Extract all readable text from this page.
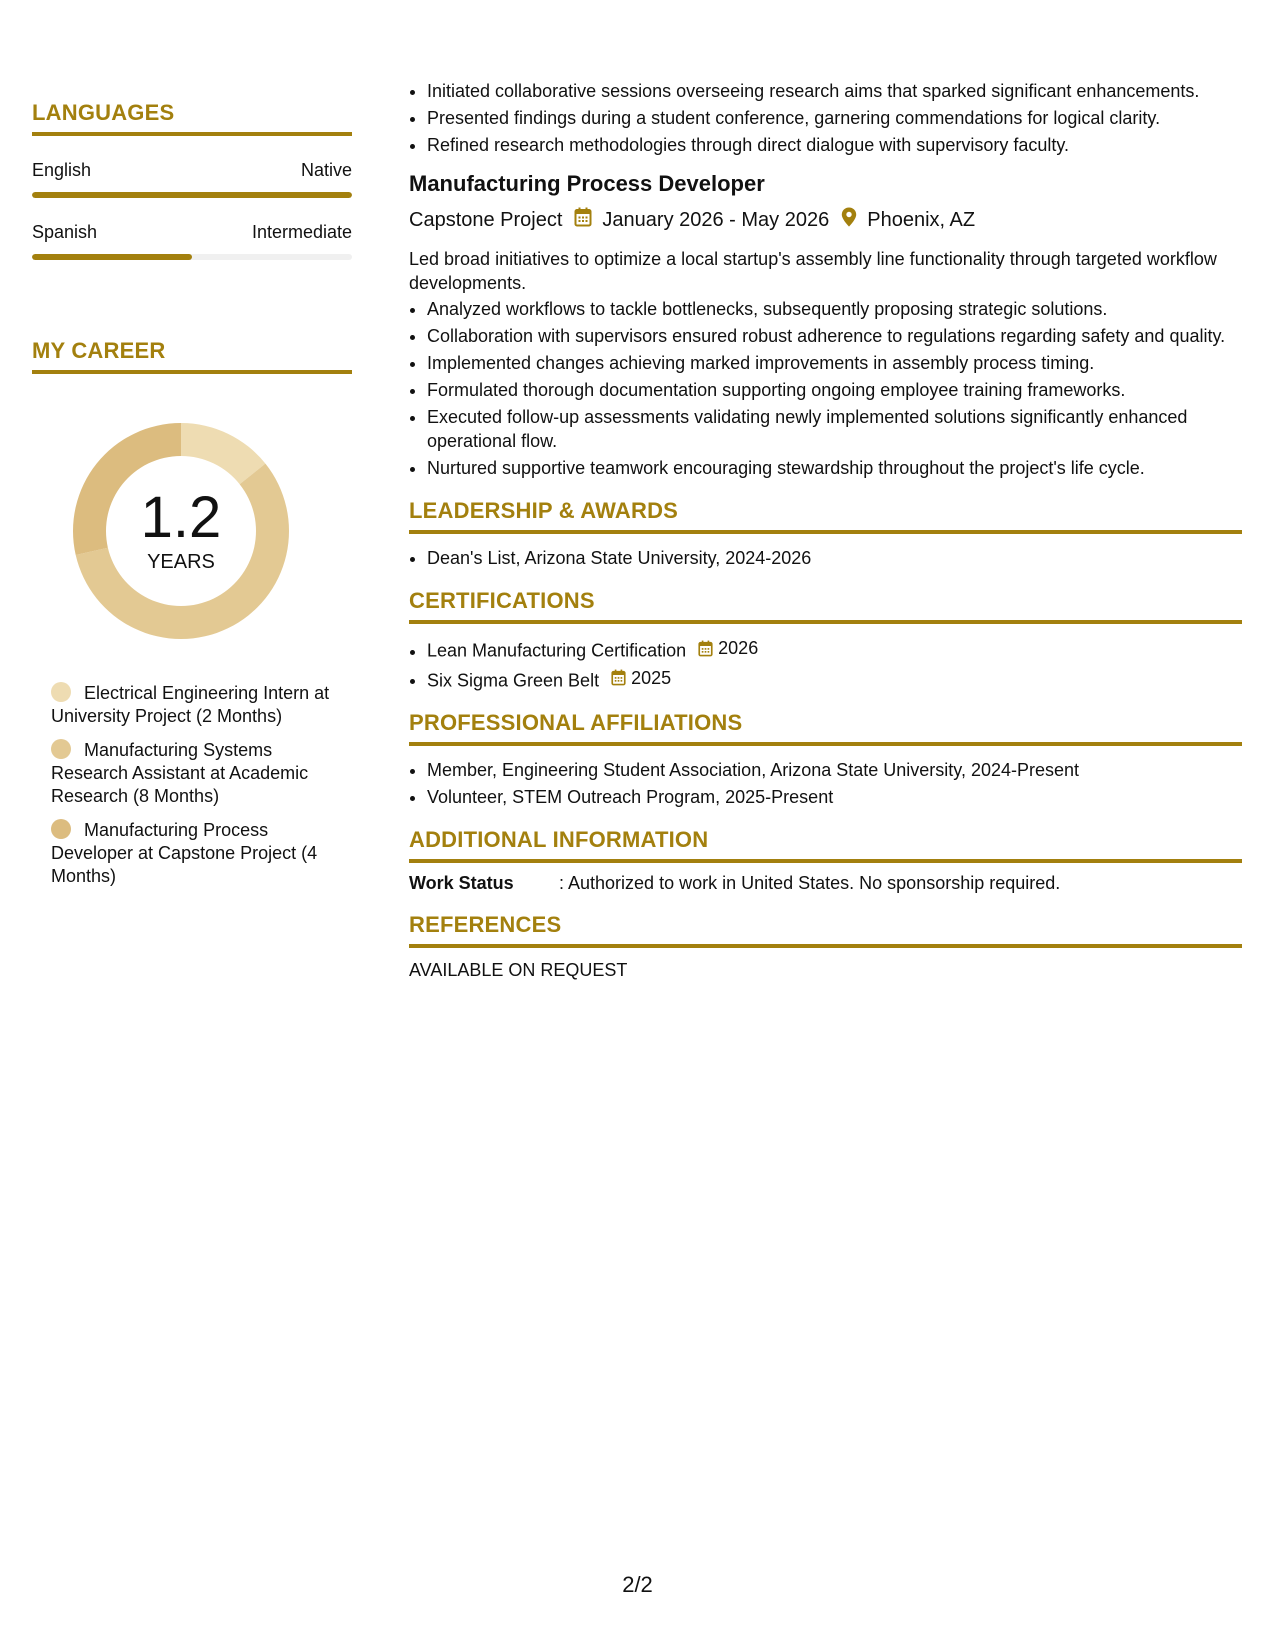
LANGUAGES
English	Native
Spanish	Intermediate
MY CAREER
1.2
YEARS
Electrical Engineering Intern at University Project (2 Months)
Manufacturing Systems Research Assistant at Academic Research (8 Months)
Manufacturing Process Developer at Capstone Project (4 Months)
• Initiated collaborative sessions overseeing research aims that sparked significant enhancements.
• Presented findings during a student conference, garnering commendations for logical clarity.
• Refined research methodologies through direct dialogue with supervisory faculty.
Manufacturing Process Developer
Capstone Project January 2026 - May 2026 Phoenix, AZ
Led broad initiatives to optimize a local startup's assembly line functionality through targeted workflow developments.
• Analyzed workflows to tackle bottlenecks, subsequently proposing strategic solutions.
• Collaboration with supervisors ensured robust adherence to regulations regarding safety and quality.
• Implemented changes achieving marked improvements in assembly process timing.
• Formulated thorough documentation supporting ongoing employee training frameworks.
• Executed follow-up assessments validating newly implemented solutions significantly enhanced operational flow.
• Nurtured supportive teamwork encouraging stewardship throughout the project's life cycle.
LEADERSHIP & AWARDS
• Dean's List, Arizona State University, 2024-2026
CERTIFICATIONS
• Lean Manufacturing Certification 2026
• Six Sigma Green Belt 2025
PROFESSIONAL AFFILIATIONS
• Member, Engineering Student Association, Arizona State University, 2024-Present
• Volunteer, STEM Outreach Program, 2025-Present
ADDITIONAL INFORMATION
Work Status	: Authorized to work in United States. No sponsorship required.
REFERENCES
AVAILABLE ON REQUEST
2/2
